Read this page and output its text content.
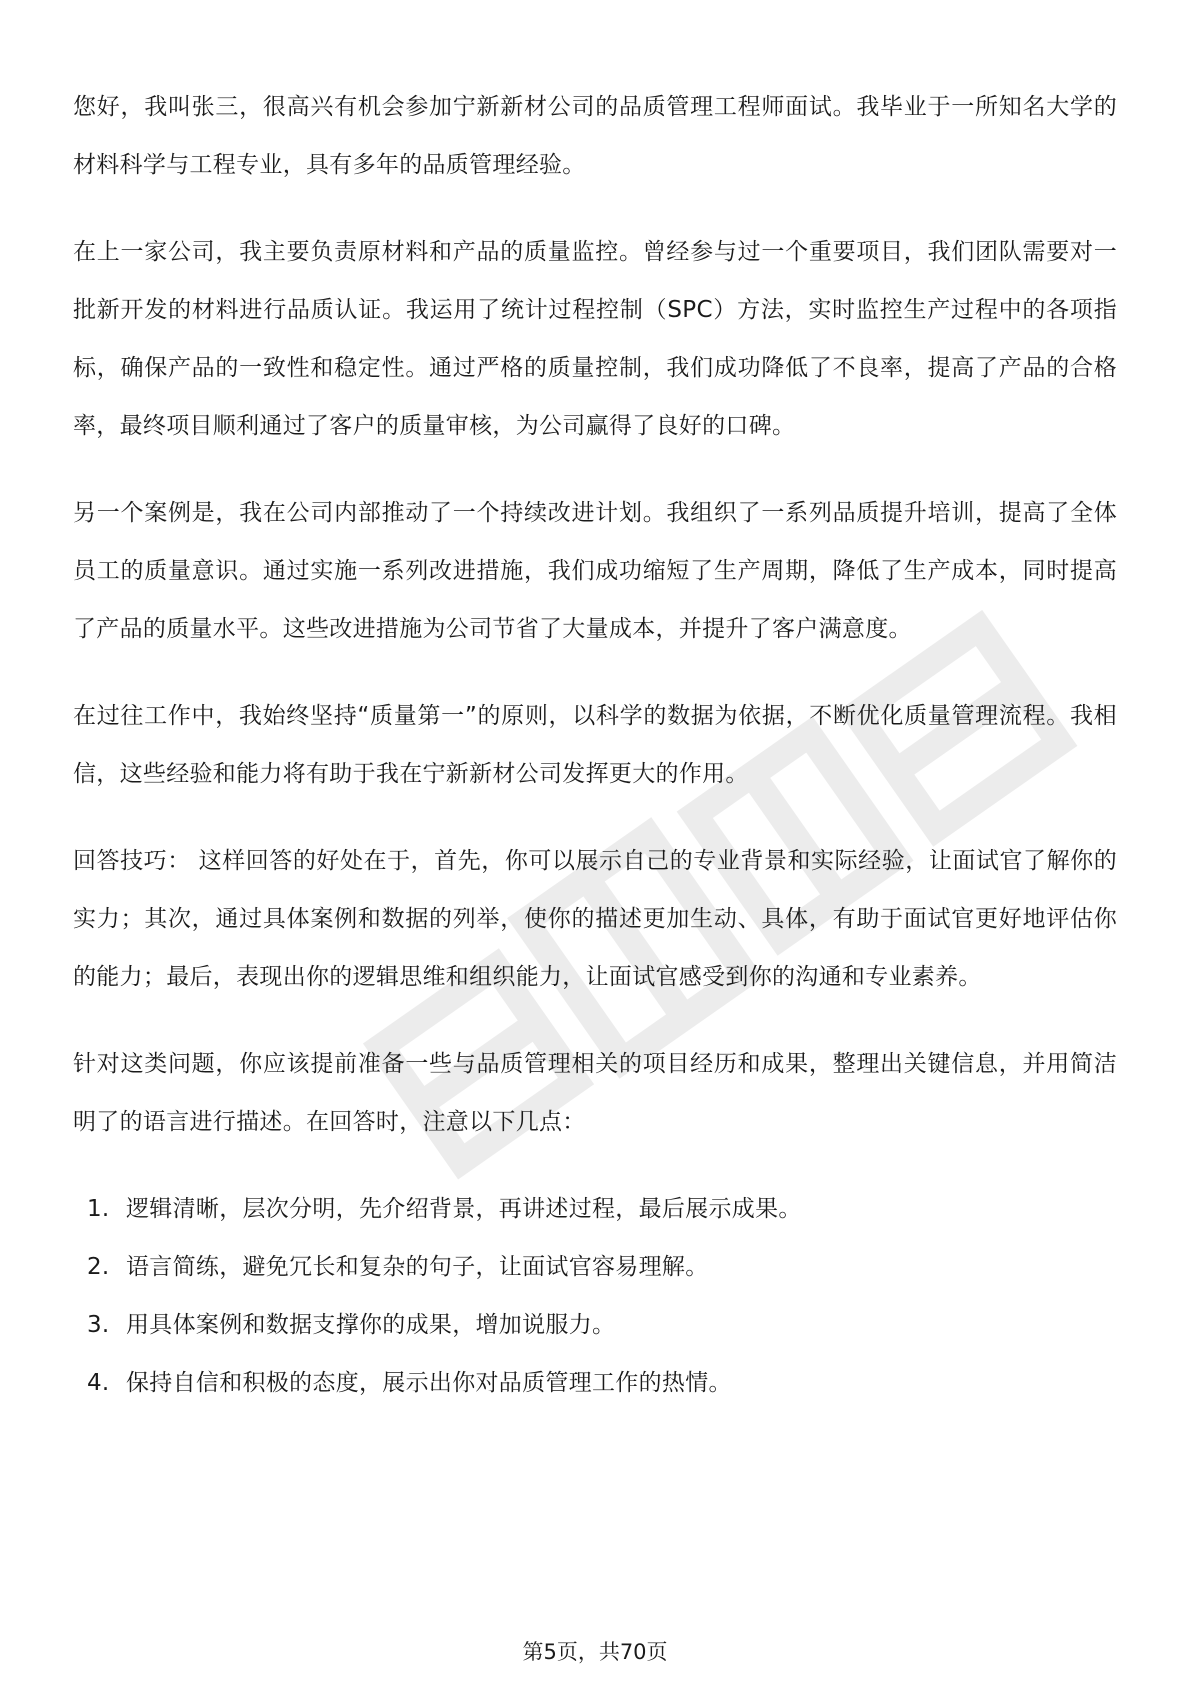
您好，我叫张三，很高兴有机会参加宁新新材公司的品质管理工程师面试。我毕业于一所知名大学的材料科学与工程专业，具有多年的品质管理经验。

在上一家公司，我主要负责原材料和产品的质量监控。曾经参与过一个重要项目，我们团队需要对一批新开发的材料进行品质认证。我运用了统计过程控制（SPC）方法，实时监控生产过程中的各项指标，确保产品的一致性和稳定性。通过严格的质量控制，我们成功降低了不良率，提高了产品的合格率，最终项目顺利通过了客户的质量审核，为公司赢得了良好的口碑。

另一个案例是，我在公司内部推动了一个持续改进计划。我组织了一系列品质提升培训，提高了全体员工的质量意识。通过实施一系列改进措施，我们成功缩短了生产周期，降低了生产成本，同时提高了产品的质量水平。这些改进措施为公司节省了大量成本，并提升了客户满意度。

在过往工作中，我始终坚持“质量第一”的原则，以科学的数据为依据，不断优化质量管理流程。我相信，这些经验和能力将有助于我在宁新新材公司发挥更大的作用。

回答技巧： 这样回答的好处在于，首先，你可以展示自己的专业背景和实际经验，让面试官了解你的实力；其次，通过具体案例和数据的列举，使你的描述更加生动、具体，有助于面试官更好地评估你的能力；最后，表现出你的逻辑思维和组织能力，让面试官感受到你的沟通和专业素养。

针对这类问题，你应该提前准备一些与品质管理相关的项目经历和成果，整理出关键信息，并用简洁明了的语言进行描述。在回答时，注意以下几点：

1. 逻辑清晰，层次分明，先介绍背景，再讲述过程，最后展示成果。
2. 语言简练，避免冗长和复杂的句子，让面试官容易理解。
3. 用具体案例和数据支撑你的成果，增加说服力。
4. 保持自信和积极的态度，展示出你对品质管理工作的热情。
第5页，共70页
